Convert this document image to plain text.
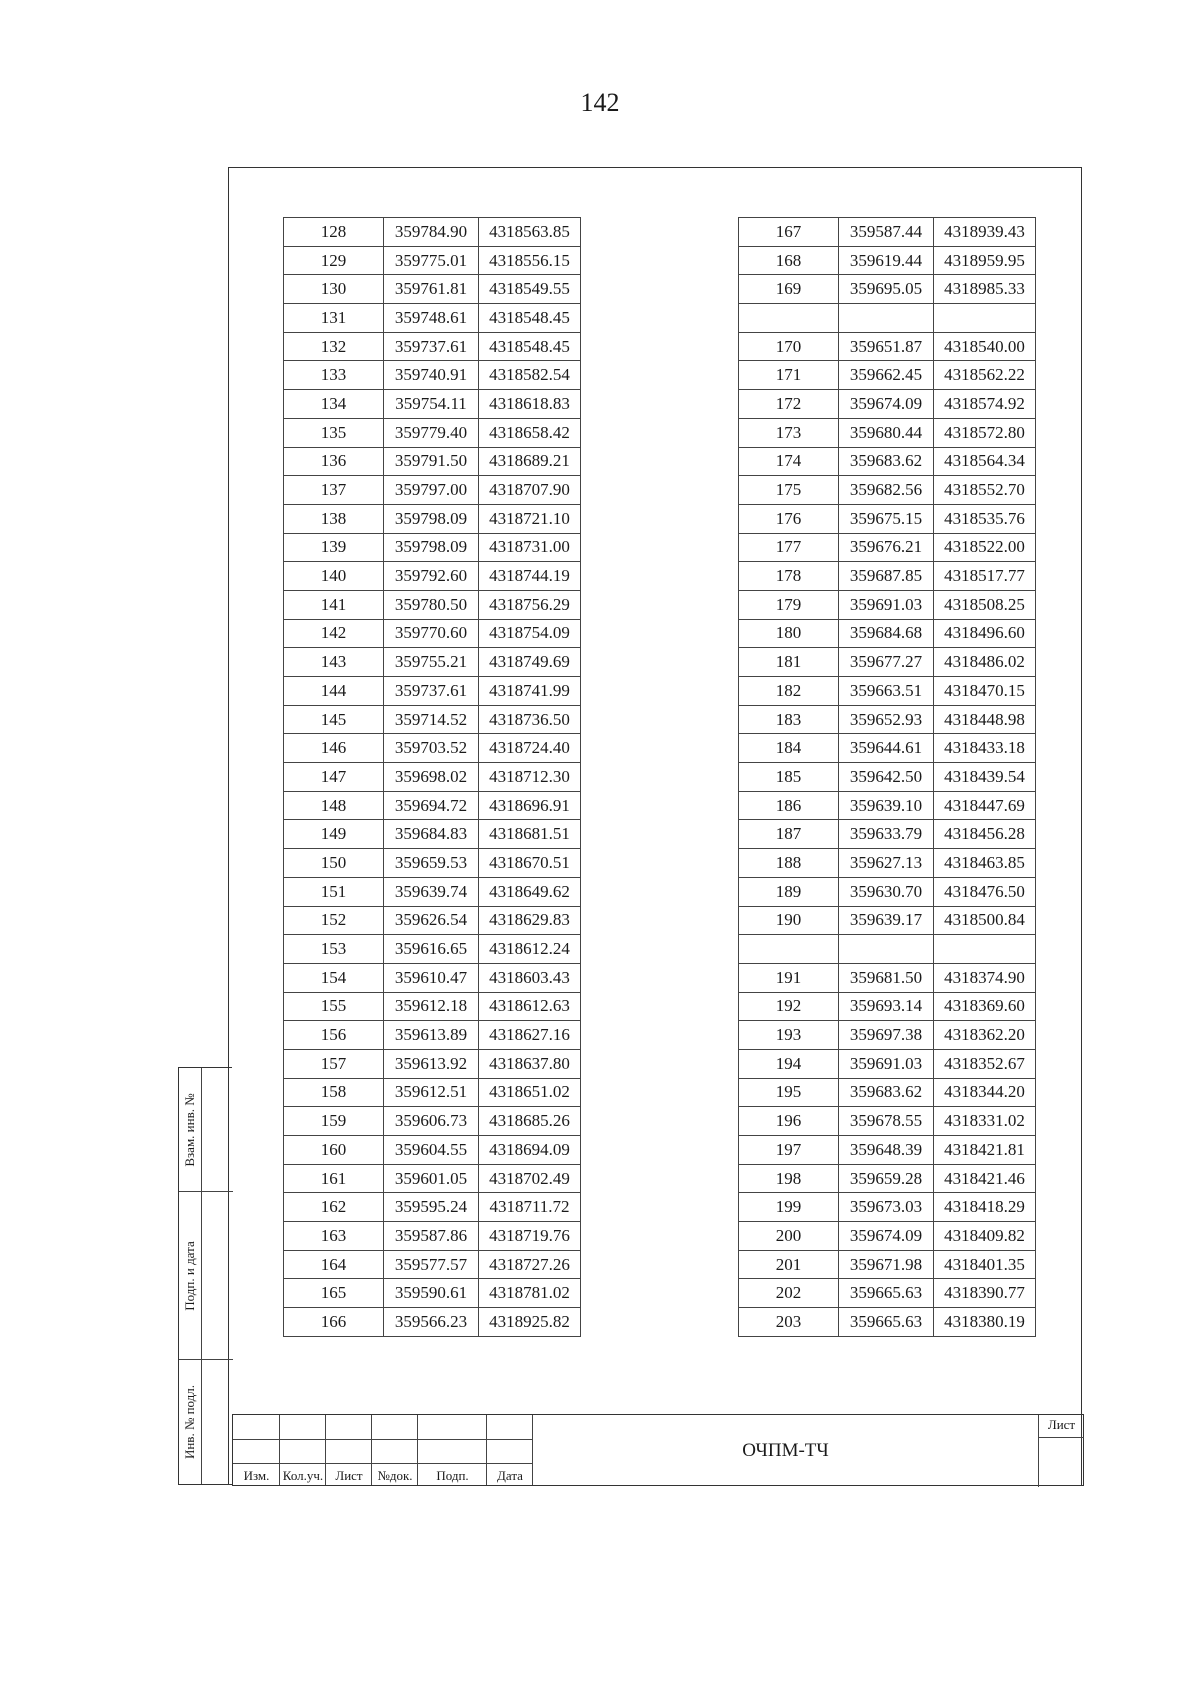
142
128	359784.90	4318563.85
129	359775.01	4318556.15
130	359761.81	4318549.55
131	359748.61	4318548.45
132	359737.61	4318548.45
133	359740.91	4318582.54
134	359754.11	4318618.83
135	359779.40	4318658.42
136	359791.50	4318689.21
137	359797.00	4318707.90
138	359798.09	4318721.10
139	359798.09	4318731.00
140	359792.60	4318744.19
141	359780.50	4318756.29
142	359770.60	4318754.09
143	359755.21	4318749.69
144	359737.61	4318741.99
145	359714.52	4318736.50
146	359703.52	4318724.40
147	359698.02	4318712.30
148	359694.72	4318696.91
149	359684.83	4318681.51
150	359659.53	4318670.51
151	359639.74	4318649.62
152	359626.54	4318629.83
153	359616.65	4318612.24
154	359610.47	4318603.43
155	359612.18	4318612.63
156	359613.89	4318627.16
157	359613.92	4318637.80
158	359612.51	4318651.02
159	359606.73	4318685.26
160	359604.55	4318694.09
161	359601.05	4318702.49
162	359595.24	4318711.72
163	359587.86	4318719.76
164	359577.57	4318727.26
165	359590.61	4318781.02
166	359566.23	4318925.82
167	359587.44	4318939.43
168	359619.44	4318959.95
169	359695.05	4318985.33

170	359651.87	4318540.00
171	359662.45	4318562.22
172	359674.09	4318574.92
173	359680.44	4318572.80
174	359683.62	4318564.34
175	359682.56	4318552.70
176	359675.15	4318535.76
177	359676.21	4318522.00
178	359687.85	4318517.77
179	359691.03	4318508.25
180	359684.68	4318496.60
181	359677.27	4318486.02
182	359663.51	4318470.15
183	359652.93	4318448.98
184	359644.61	4318433.18
185	359642.50	4318439.54
186	359639.10	4318447.69
187	359633.79	4318456.28
188	359627.13	4318463.85
189	359630.70	4318476.50
190	359639.17	4318500.84

191	359681.50	4318374.90
192	359693.14	4318369.60
193	359697.38	4318362.20
194	359691.03	4318352.67
195	359683.62	4318344.20
196	359678.55	4318331.02
197	359648.39	4318421.81
198	359659.28	4318421.46
199	359673.03	4318418.29
200	359674.09	4318409.82
201	359671.98	4318401.35
202	359665.63	4318390.77
203	359665.63	4318380.19
Взам. инв. №
Подп. и дата
Инв. № подл.
Изм.	Кол.уч. Лист	№док.	Подп.	Дата
ОЧПМ-ТЧ
Лист
